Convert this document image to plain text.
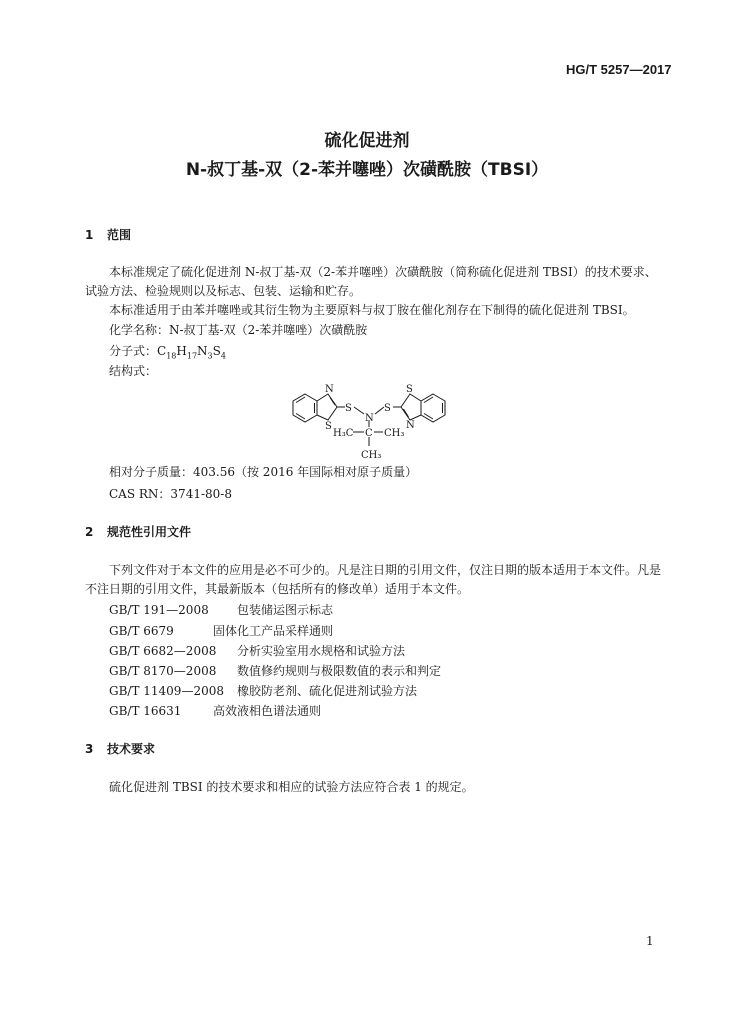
HG/T 5257—2017
硫化促进剂
N-叔丁基-双（2-苯并噻唑）次磺酰胺（TBSI）
1 范围
本标准规定了硫化促进剂 N-叔丁基-双（2-苯并噻唑）次磺酰胺（简称硫化促进剂 TBSI）的技术要求、试验方法、检验规则以及标志、包装、运输和贮存。
本标准适用于由苯并噻唑或其衍生物为主要原料与叔丁胺在催化剂存在下制得的硫化促进剂 TBSI。
化学名称：N-叔丁基-双（2-苯并噻唑）次磺酰胺
分子式：$C_{18}H_{17}N_3S_4$
结构式：
N
S
S
N
S
S
N
H₃C C CH₃
CH₃
相对分子质量：403.56（按 2016 年国际相对原子质量）
CAS RN：3741-80-8
2 规范性引用文件
下列文件对于本文件的应用是必不可少的。凡是注日期的引用文件，仅注日期的版本适用于本文件。凡是不注日期的引用文件，其最新版本（包括所有的修改单）适用于本文件。
GB/T 191—2008 包装储运图示标志
GB/T 6679	固体化工产品采样通则
GB/T 6682—2008 分析实验室用水规格和试验方法
GB/T 8170—2008 数值修约规则与极限数值的表示和判定
GB/T 11409—2008 橡胶防老剂、硫化促进剂试验方法
GB/T 16631	高效液相色谱法通则
3 技术要求
硫化促进剂 TBSI 的技术要求和相应的试验方法应符合表 1 的规定。
1
